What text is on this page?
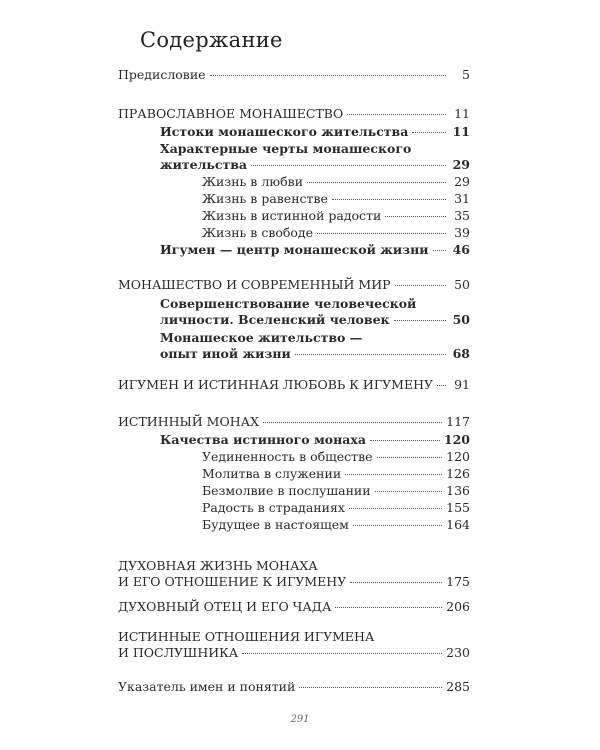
Содержание
Предисловие	5
ПРАВОСЛАВНОЕ МОНАШЕСТВО	11
Истоки монашеского жительства	11
Характерные черты монашеского
жительства	29
Жизнь в любви	29
Жизнь в равенстве	31
Жизнь в истинной радости	35
Жизнь в свободе	39
Игумен — центр монашеской жизни 46
МОНАШЕСТВО И СОВРЕМЕННЫЙ МИР	50
Совершенствование человеческой
личности. Вселенский человек	50
Монашеское жительство —
опыт иной жизни	68
ИГУМЕН И ИСТИННАЯ ЛЮБОВЬ К ИГУМЕНУ	91
ИСТИННЫЙ МОНАХ	117
Качества истинного монаха	120
Уединенность в обществе	120
Молитва в служении	126
Безмолвие в послушании	136
Радость в страданиях	155
Будущее в настоящем	164
ДУХОВНАЯ ЖИЗНЬ МОНАХА
И ЕГО ОТНОШЕНИЕ К ИГУМЕНУ	175
ДУХОВНЫЙ ОТЕЦ И ЕГО ЧАДА	206
ИСТИННЫЕ ОТНОШЕНИЯ ИГУМЕНА
И ПОСЛУШНИКА	230
Указатель имен и понятий	285
291
